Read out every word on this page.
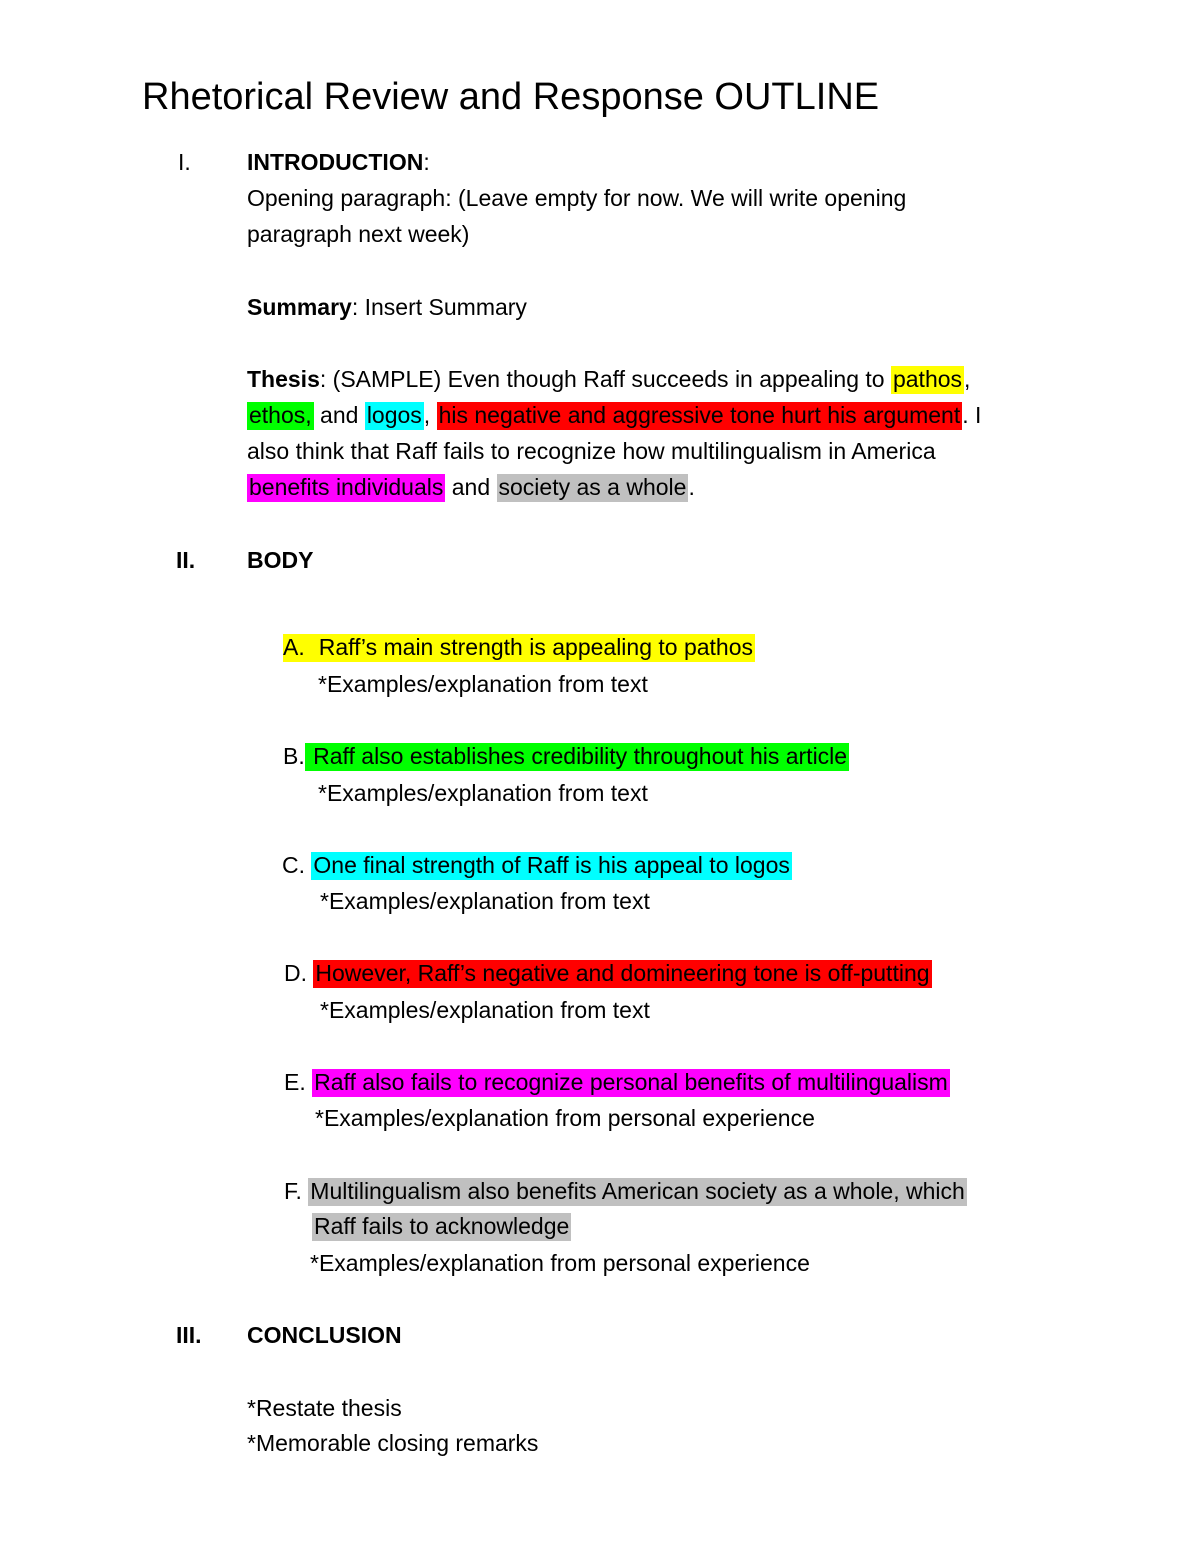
Rhetorical Review and Response OUTLINE
I. INTRODUCTION:
Opening paragraph: (Leave empty for now. We will write opening
paragraph next week)
Summary: Insert Summary
Thesis: (SAMPLE) Even though Raff succeeds in appealing to pathos,
ethos, and logos, his negative and aggressive tone hurt his argument. I
also think that Raff fails to recognize how multilingualism in America
benefits individuals and society as a whole.
II. BODY
A. Raff’s main strength is appealing to pathos
*Examples/explanation from text
B. Raff also establishes credibility throughout his article
*Examples/explanation from text
C. One final strength of Raff is his appeal to logos
*Examples/explanation from text
D. However, Raff’s negative and domineering tone is off-putting
*Examples/explanation from text
E. Raff also fails to recognize personal benefits of multilingualism
*Examples/explanation from personal experience
F. Multilingualism also benefits American society as a whole, which
Raff fails to acknowledge
*Examples/explanation from personal experience
III. CONCLUSION
*Restate thesis
*Memorable closing remarks
